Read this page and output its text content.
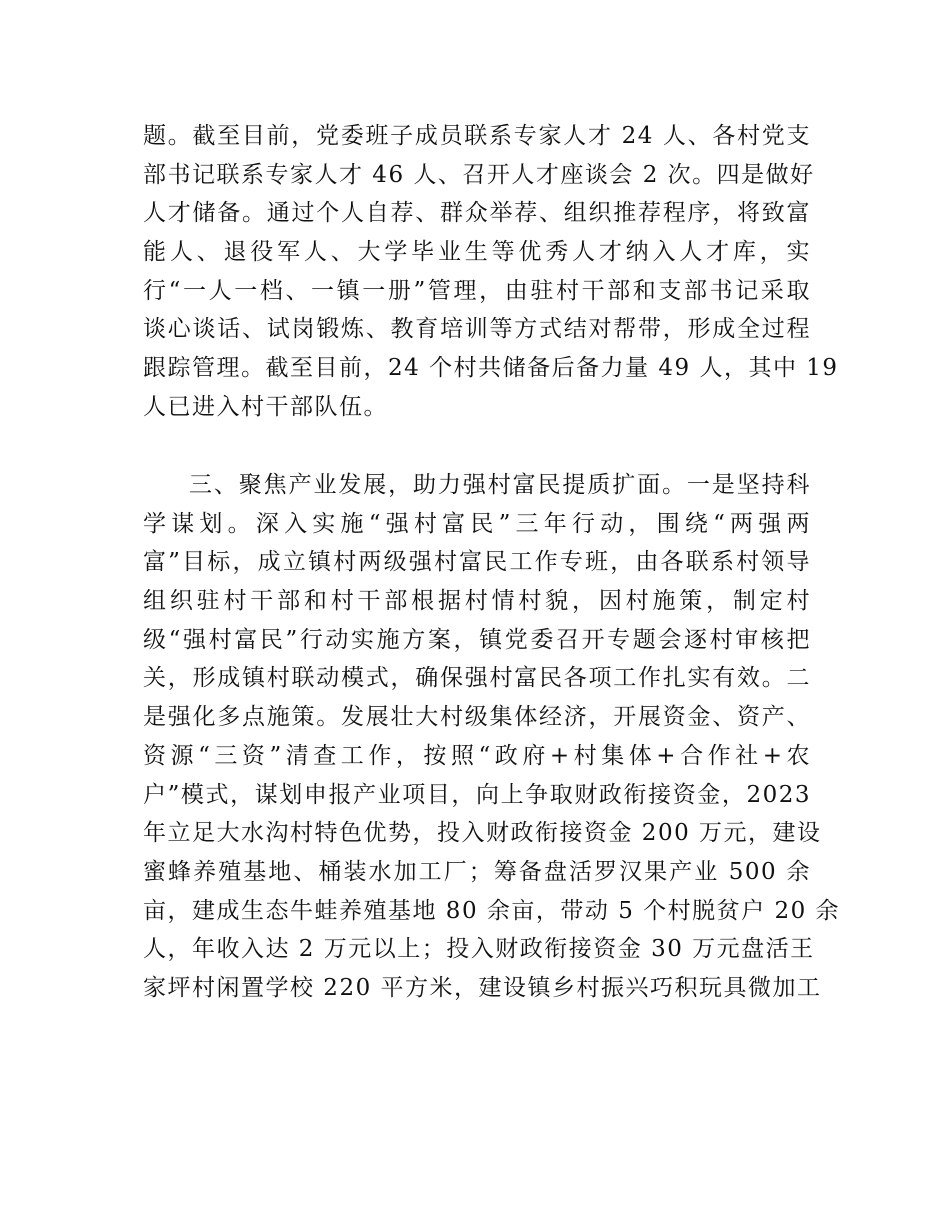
题。截至目前，党委班子成员联系专家人才 24 人、各村党支
部书记联系专家人才 46 人、召开人才座谈会 2 次。四是做好
人才储备。通过个人自荐、群众举荐、组织推荐程序，将致富
能人、退役军人、大学毕业生等优秀人才纳入人才库，实
行“一人一档、一镇一册”管理，由驻村干部和支部书记采取
谈心谈话、试岗锻炼、教育培训等方式结对帮带，形成全过程
跟踪管理。截至目前，24 个村共储备后备力量 49 人，其中 19
人已进入村干部队伍。
三、聚焦产业发展，助力强村富民提质扩面。一是坚持科
学谋划。深入实施“强村富民”三年行动，围绕“两强两
富”目标，成立镇村两级强村富民工作专班，由各联系村领导
组织驻村干部和村干部根据村情村貌，因村施策，制定村
级“强村富民”行动实施方案，镇党委召开专题会逐村审核把
关，形成镇村联动模式，确保强村富民各项工作扎实有效。二
是强化多点施策。发展壮大村级集体经济，开展资金、资产、
资源“三资”清查工作，按照“政府+村集体+合作社+农
户”模式，谋划申报产业项目，向上争取财政衔接资金，2023
年立足大水沟村特色优势，投入财政衔接资金 200 万元，建设
蜜蜂养殖基地、桶装水加工厂；筹备盘活罗汉果产业 500 余
亩，建成生态牛蛙养殖基地 80 余亩，带动 5 个村脱贫户 20 余
人，年收入达 2 万元以上；投入财政衔接资金 30 万元盘活王
家坪村闲置学校 220 平方米，建设镇乡村振兴巧积玩具微加工
